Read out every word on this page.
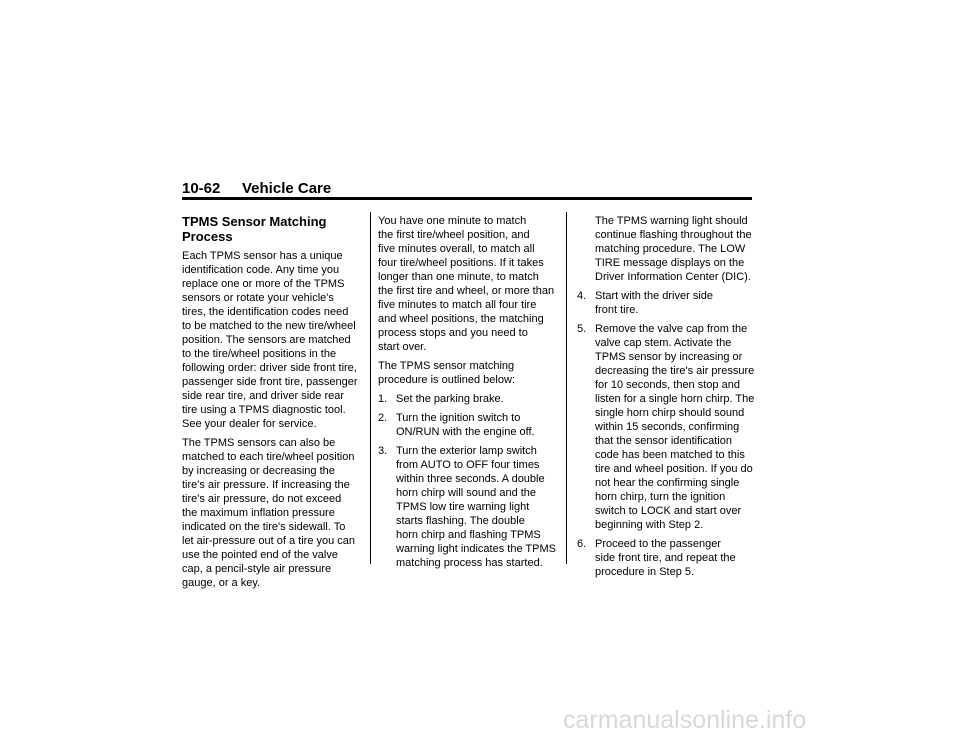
10-62 Vehicle Care
TPMS Sensor Matching
Process

Each TPMS sensor has a unique
identification code. Any time you
replace one or more of the TPMS
sensors or rotate your vehicle's
tires, the identification codes need
to be matched to the new tire/wheel
position. The sensors are matched
to the tire/wheel positions in the
following order: driver side front tire,
passenger side front tire, passenger
side rear tire, and driver side rear
tire using a TPMS diagnostic tool.
See your dealer for service.

The TPMS sensors can also be
matched to each tire/wheel position
by increasing or decreasing the
tire's air pressure. If increasing the
tire's air pressure, do not exceed
the maximum inflation pressure
indicated on the tire's sidewall. To
let air-pressure out of a tire you can
use the pointed end of the valve
cap, a pencil-style air pressure
gauge, or a key.

You have one minute to match
the first tire/wheel position, and
five minutes overall, to match all
four tire/wheel positions. If it takes
longer than one minute, to match
the first tire and wheel, or more than
five minutes to match all four tire
and wheel positions, the matching
process stops and you need to
start over.

The TPMS sensor matching
procedure is outlined below:

1. Set the parking brake.
2. Turn the ignition switch to
ON/RUN with the engine off.
3. Turn the exterior lamp switch
from AUTO to OFF four times
within three seconds. A double
horn chirp will sound and the
TPMS low tire warning light
starts flashing. The double
horn chirp and flashing TPMS
warning light indicates the TPMS
matching process has started.

The TPMS warning light should
continue flashing throughout the
matching procedure. The LOW
TIRE message displays on the
Driver Information Center (DIC).

4. Start with the driver side
front tire.
5. Remove the valve cap from the
valve cap stem. Activate the
TPMS sensor by increasing or
decreasing the tire's air pressure
for 10 seconds, then stop and
listen for a single horn chirp. The
single horn chirp should sound
within 15 seconds, confirming
that the sensor identification
code has been matched to this
tire and wheel position. If you do
not hear the confirming single
horn chirp, turn the ignition
switch to LOCK and start over
beginning with Step 2.
6. Proceed to the passenger
side front tire, and repeat the
procedure in Step 5.
carmanualsonline.info
